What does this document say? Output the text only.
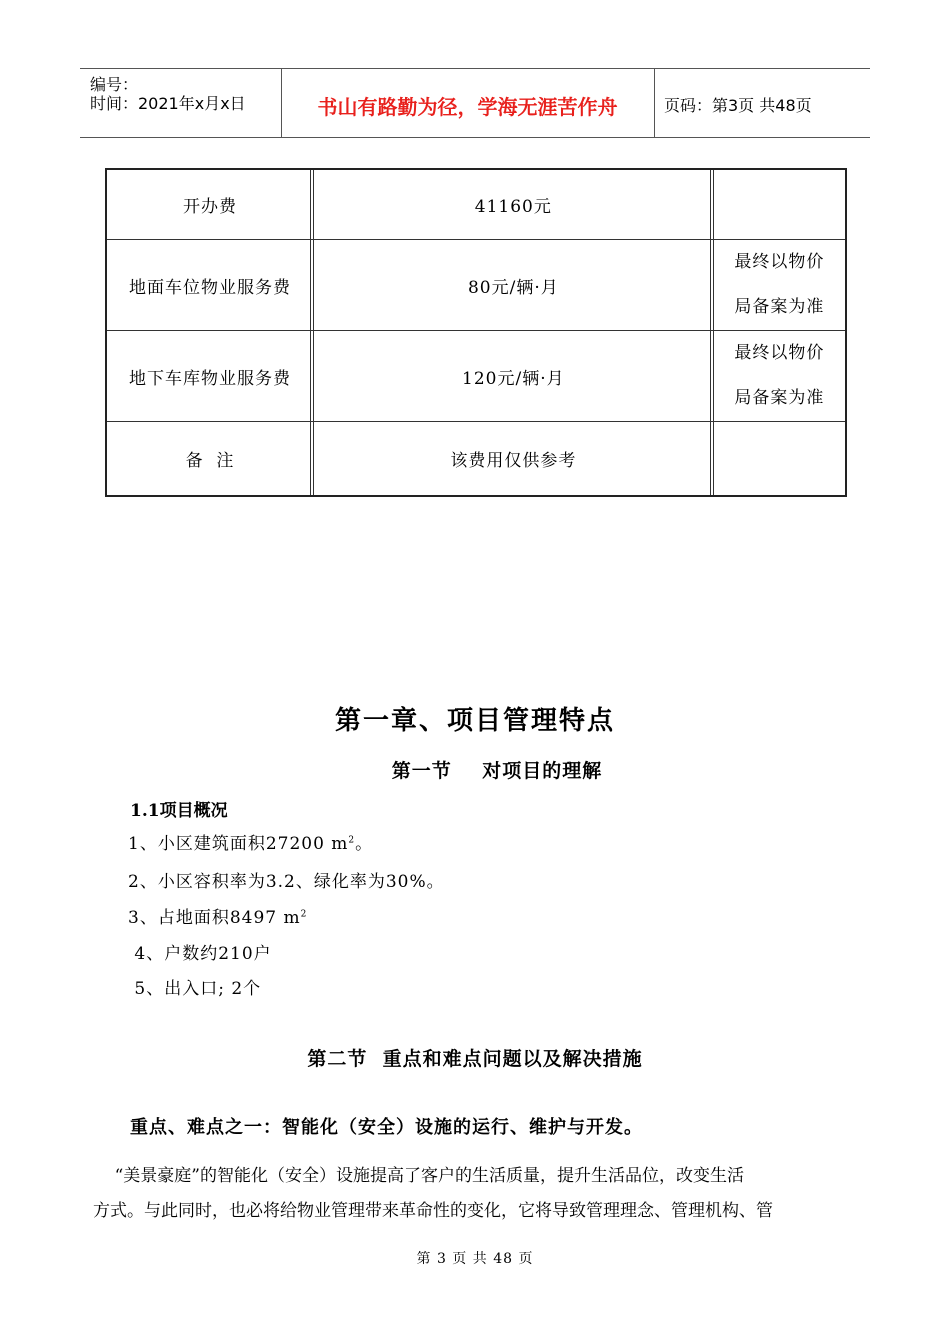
编号：
时间：2021年x月x日	书山有路勤为径，学海无涯苦作舟	页码：第3页 共48页
开办费	41160元	
地面车位物业服务费	80元/辆·月	最终以物价
局备案为准

地下车库物业服务费	120元/辆·月	最终以物价
局备案为准

备  注	该费用仅供参考	
第一章、项目管理特点
第一节    对项目的理解
1.1项目概况
1、小区建筑面积27200 $m^2$。
2、小区容积率为3.2、绿化率为30%。
3、占地面积8497 $m^2$
4、户数约210户
5、出入口; 2个
第二节  重点和难点问题以及解决措施
重点、难点之一：智能化（安全）设施的运行、维护与开发。
“美景豪庭”的智能化（安全）设施提高了客户的生活质量，提升生活品位，改变生活
方式。与此同时，也必将给物业管理带来革命性的变化，它将导致管理理念、管理机构、管
第 3 页 共 48 页
